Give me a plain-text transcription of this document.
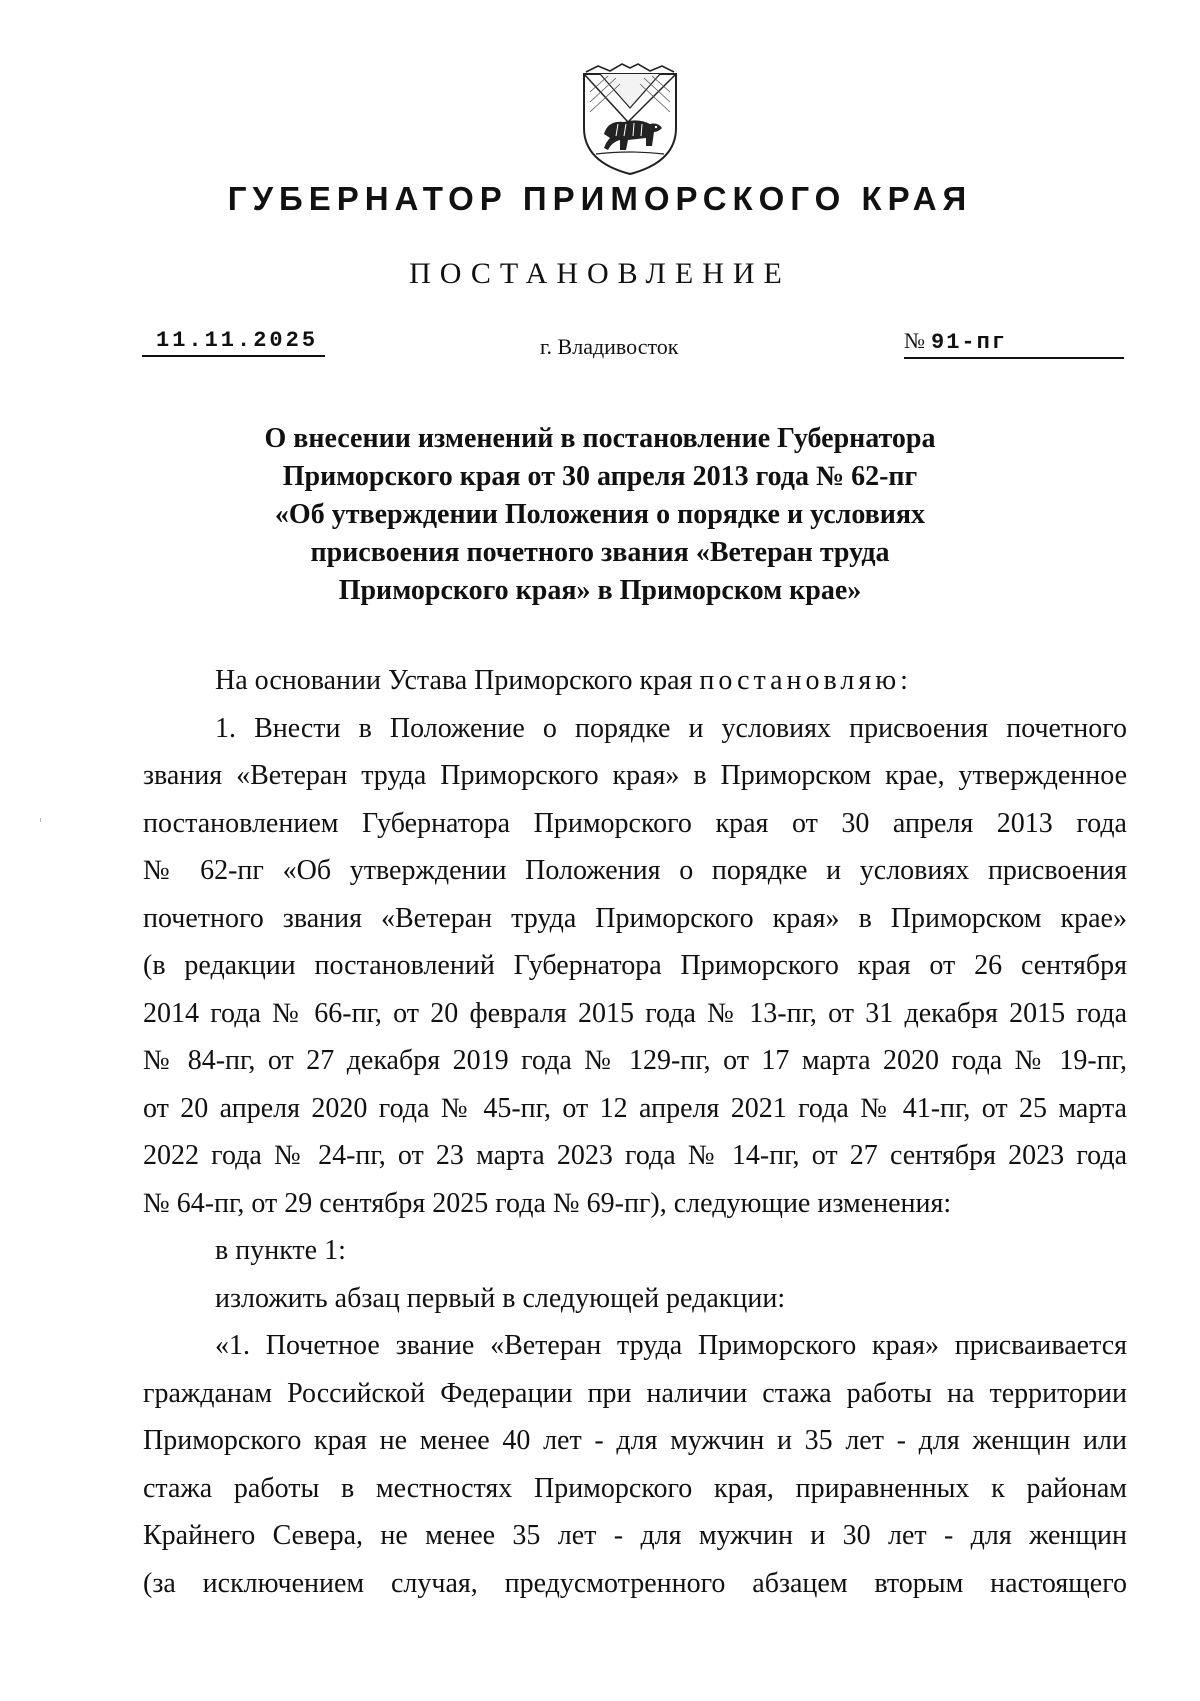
ГУБЕРНАТОР ПРИМОРСКОГО КРАЯ
ПОСТАНОВЛЕНИЕ
11.11.2025	г. Владивосток	№ 91-пг
О внесении изменений в постановление Губернатора
Приморского края от 30 апреля 2013 года № 62-пг
«Об утверждении Положения о порядке и условиях
присвоения почетного звания «Ветеран труда
Приморского края» в Приморском крае»
На основании Устава Приморского края постановляю:
1. Внести в Положение о порядке и условиях присвоения почетного
звания «Ветеран труда Приморского края» в Приморском крае, утвержденное
постановлением Губернатора Приморского края от 30 апреля 2013 года
№ 62-пг «Об утверждении Положения о порядке и условиях присвоения
почетного звания «Ветеран труда Приморского края» в Приморском крае»
(в редакции постановлений Губернатора Приморского края от 26 сентября
2014 года № 66-пг, от 20 февраля 2015 года № 13-пг, от 31 декабря 2015 года
№ 84-пг, от 27 декабря 2019 года № 129-пг, от 17 марта 2020 года № 19-пг,
от 20 апреля 2020 года № 45-пг, от 12 апреля 2021 года № 41-пг, от 25 марта
2022 года № 24-пг, от 23 марта 2023 года № 14-пг, от 27 сентября 2023 года
№ 64-пг, от 29 сентября 2025 года № 69-пг), следующие изменения:
в пункте 1:
изложить абзац первый в следующей редакции:
«1. Почетное звание «Ветеран труда Приморского края» присваивается
гражданам Российской Федерации при наличии стажа работы на территории
Приморского края не менее 40 лет - для мужчин и 35 лет - для женщин или
стажа работы в местностях Приморского края, приравненных к районам
Крайнего Севера, не менее 35 лет - для мужчин и 30 лет - для женщин
(за исключением случая, предусмотренного абзацем вторым настоящего
